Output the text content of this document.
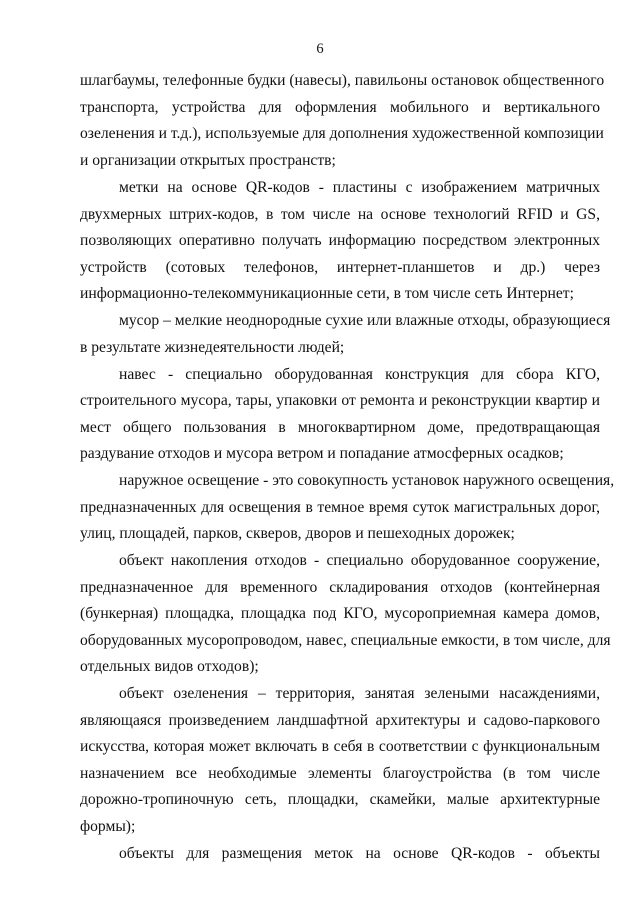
6
шлагбаумы, телефонные будки (навесы), павильоны остановок общественного
транспорта, устройства для оформления мобильного и вертикального
озеленения и т.д.), используемые для дополнения художественной композиции
и организации открытых пространств;
метки на основе QR-кодов - пластины с изображением матричных
двухмерных штрих-кодов, в том числе на основе технологий RFID и GS,
позволяющих оперативно получать информацию посредством электронных
устройств (сотовых телефонов, интернет-планшетов и др.) через
информационно-телекоммуникационные сети, в том числе сеть Интернет;
мусор – мелкие неоднородные сухие или влажные отходы, образующиеся
в результате жизнедеятельности людей;
навес - специально оборудованная конструкция для сбора КГО,
строительного мусора, тары, упаковки от ремонта и реконструкции квартир и
мест общего пользования в многоквартирном доме, предотвращающая
раздувание отходов и мусора ветром и попадание атмосферных осадков;
наружное освещение - это совокупность установок наружного освещения,
предназначенных для освещения в темное время суток магистральных дорог,
улиц, площадей, парков, скверов, дворов и пешеходных дорожек;
объект накопления отходов - специально оборудованное сооружение,
предназначенное для временного складирования отходов (контейнерная
(бункерная) площадка, площадка под КГО, мусороприемная камера домов,
оборудованных мусоропроводом, навес, специальные емкости, в том числе, для
отдельных видов отходов);
объект озеленения – территория, занятая зелеными насаждениями,
являющаяся произведением ландшафтной архитектуры и садово-паркового
искусства, которая может включать в себя в соответствии с функциональным
назначением все необходимые элементы благоустройства (в том числе
дорожно-тропиночную сеть, площадки, скамейки, малые архитектурные
формы);
объекты для размещения меток на основе QR-кодов - объекты
